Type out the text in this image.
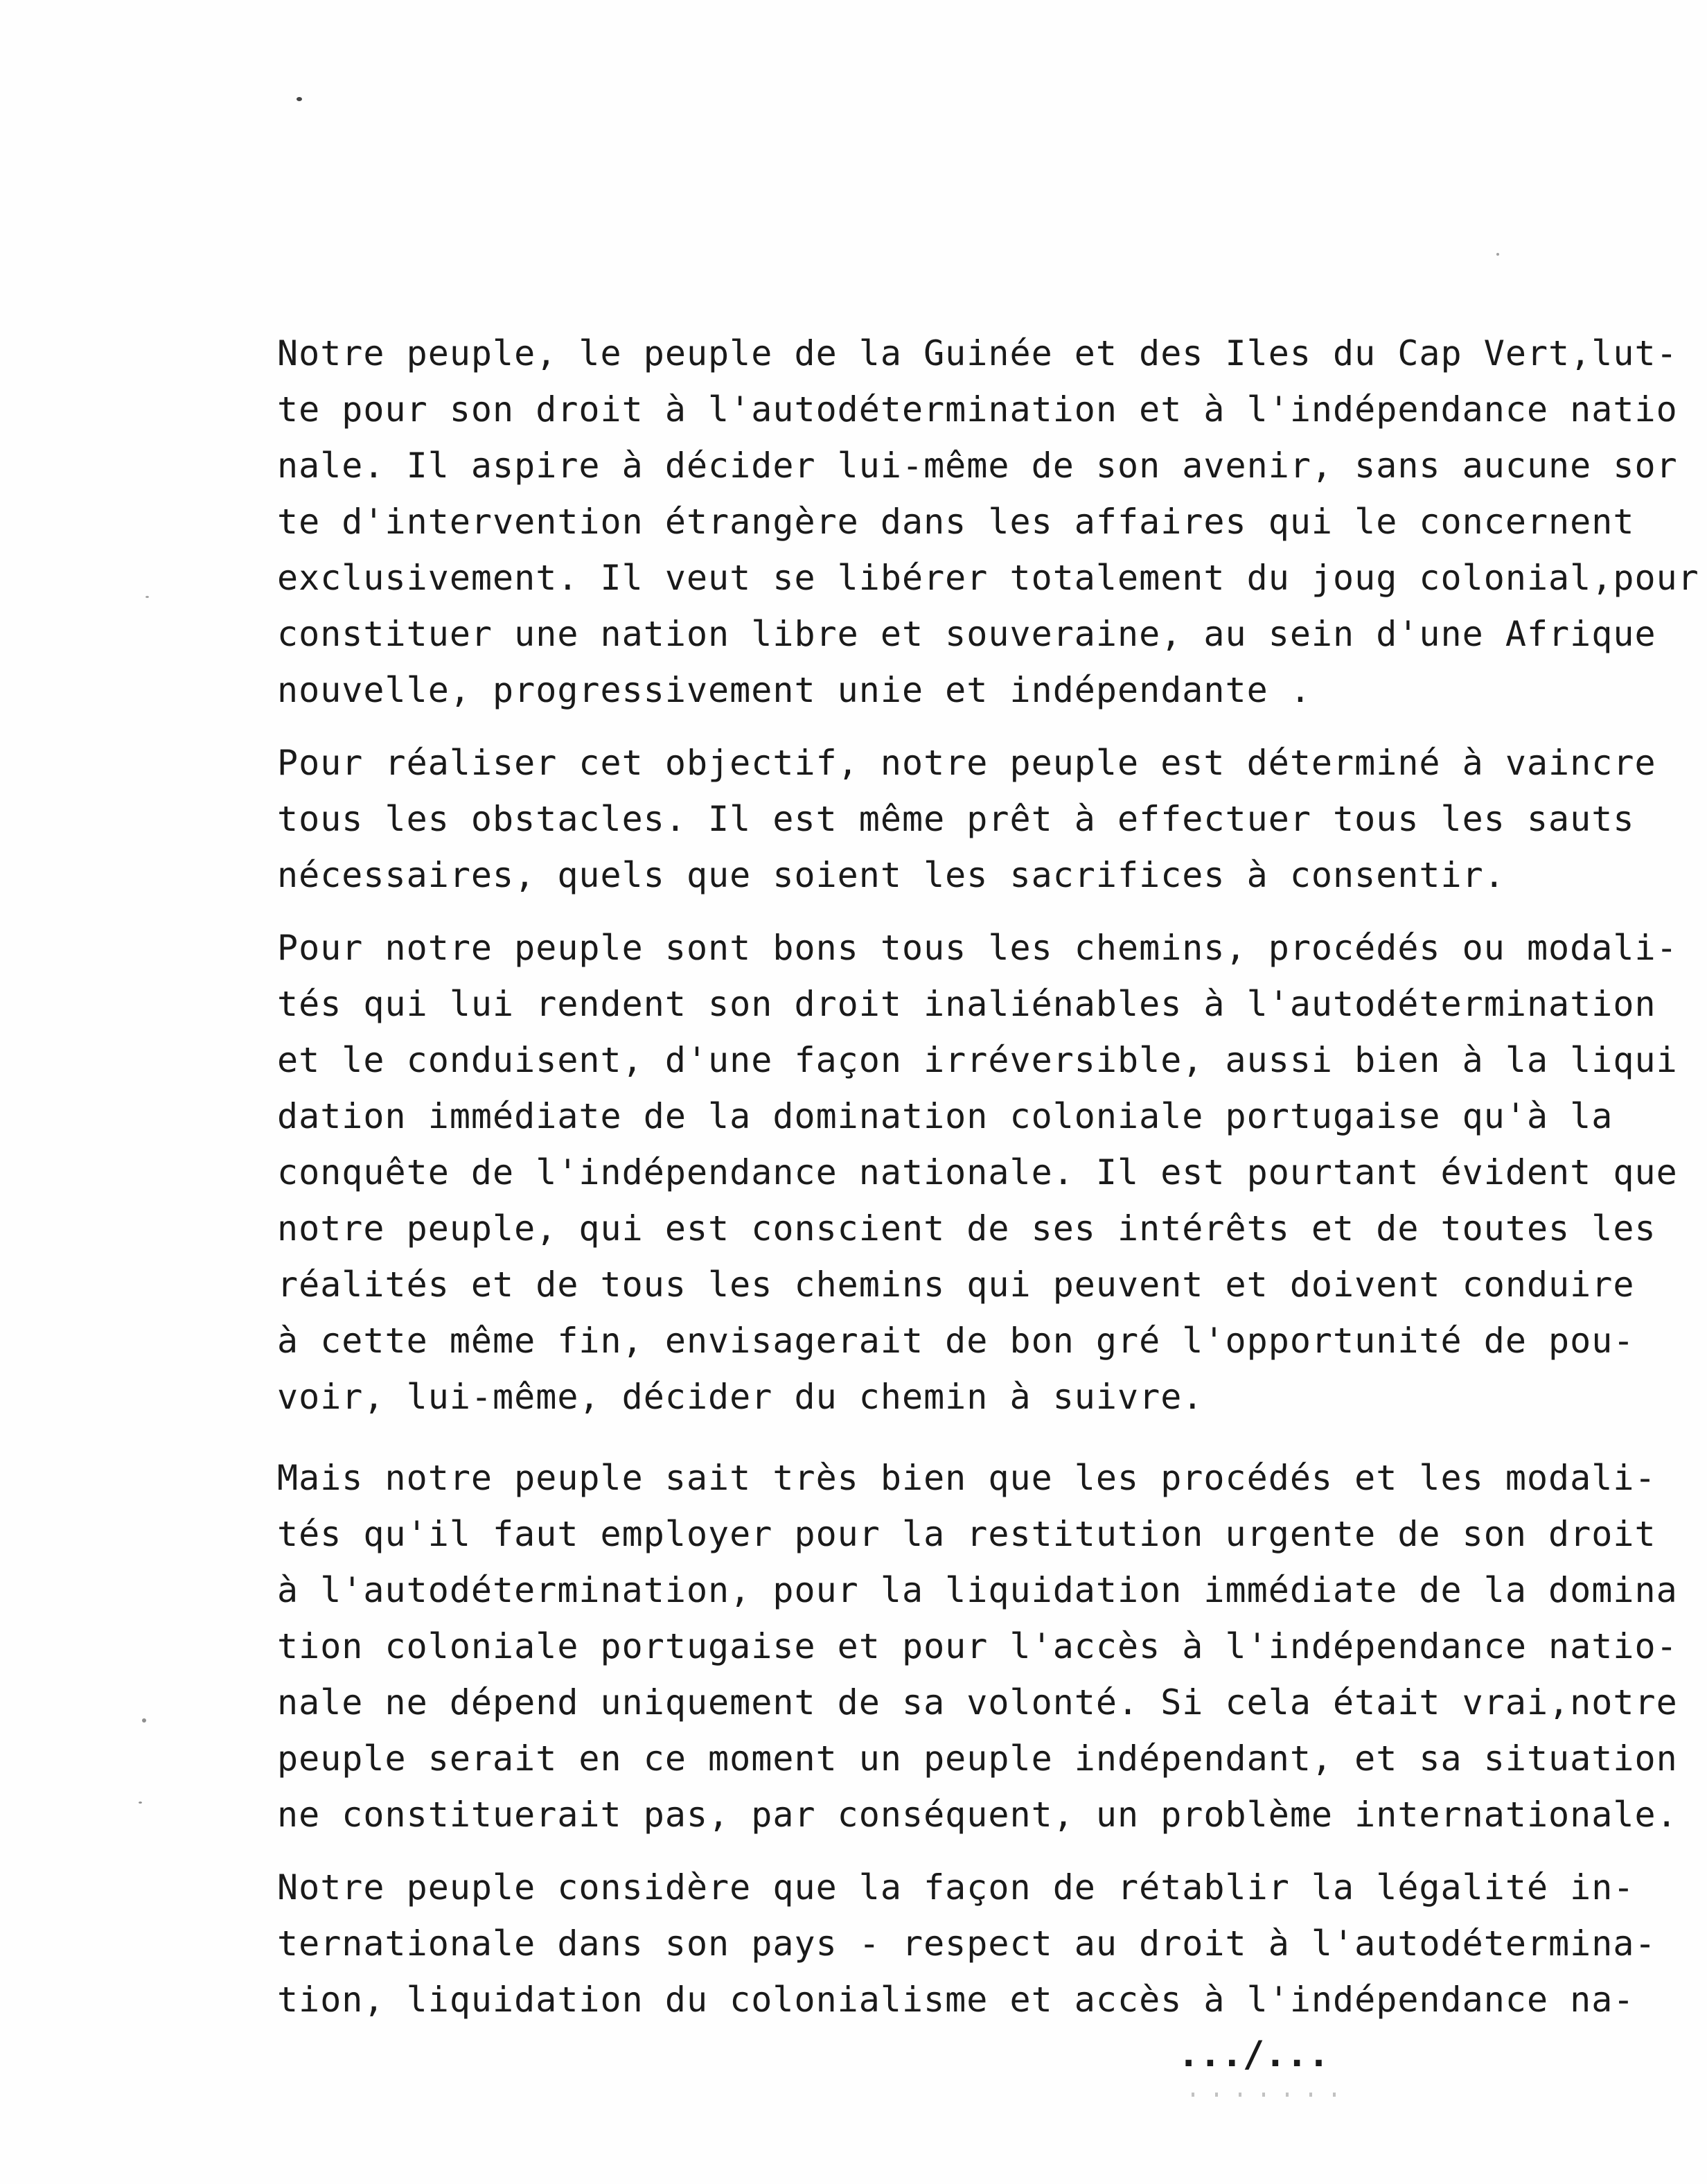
Notre peuple, le peuple de la Guinée et des Iles du Cap Vert,lut-
te pour son droit à l'autodétermination et à l'indépendance natio
nale. Il aspire à décider lui-même de son avenir, sans aucune sor
te d'intervention étrangère dans les affaires qui le concernent
exclusivement. Il veut se libérer totalement du joug colonial,pour
constituer une nation libre et souveraine, au sein d'une Afrique
nouvelle, progressivement unie et indépendante .
Pour réaliser cet objectif, notre peuple est déterminé à vaincre
tous les obstacles. Il est même prêt à effectuer tous les sauts
nécessaires, quels que soient les sacrifices à consentir.
Pour notre peuple sont bons tous les chemins, procédés ou modali-
tés qui lui rendent son droit inaliénables à l'autodétermination
et le conduisent, d'une façon irréversible, aussi bien à la liqui
dation immédiate de la domination coloniale portugaise qu'à la
conquête de l'indépendance nationale. Il est pourtant évident que
notre peuple, qui est conscient de ses intérêts et de toutes les
réalités et de tous les chemins qui peuvent et doivent conduire
à cette même fin, envisagerait de bon gré l'opportunité de pou-
voir, lui-même, décider du chemin à suivre.
Mais notre peuple sait très bien que les procédés et les modali-
tés qu'il faut employer pour la restitution urgente de son droit
à l'autodétermination, pour la liquidation immédiate de la domina
tion coloniale portugaise et pour l'accès à l'indépendance natio-
nale ne dépend uniquement de sa volonté. Si cela était vrai,notre
peuple serait en ce moment un peuple indépendant, et sa situation
ne constituerait pas, par conséquent, un problème internationale.
Notre peuple considère que la façon de rétablir la légalité in-
ternationale dans son pays - respect au droit à l'autodétermina-
tion, liquidation du colonialisme et accès à l'indépendance na-
.../...
